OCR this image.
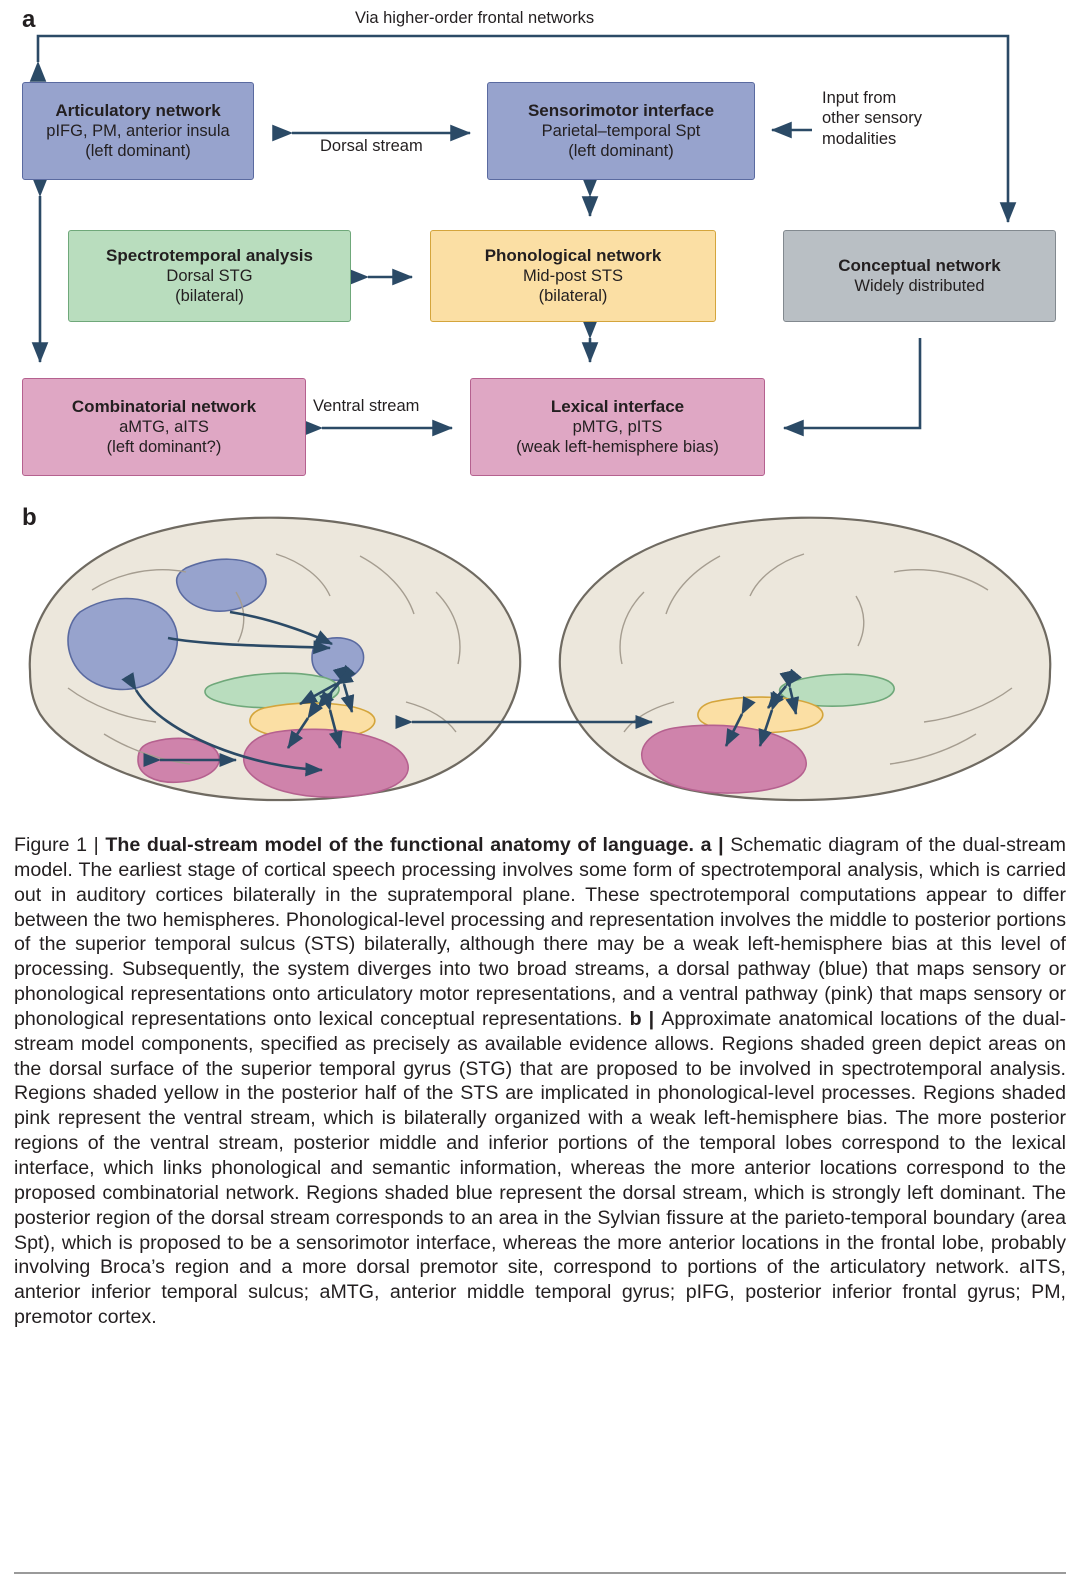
a
Articulatory network
pIFG, PM, anterior insula
(left dominant)
Sensorimotor interface
Parietal–temporal Spt
(left dominant)
Spectrotemporal analysis
Dorsal STG
(bilateral)
Phonological network
Mid-post STS
(bilateral)
Conceptual network
Widely distributed
Combinatorial network
aMTG, aITS
(left dominant?)
Lexical interface
pMTG, pITS
(weak left-hemisphere bias)
Via higher-order frontal networks
Dorsal stream
Ventral stream
Input from
other sensory
modalities
b
Figure 1 | The dual-stream model of the functional anatomy of language. a | Schematic diagram of the dual-stream model. The earliest stage of cortical speech processing involves some form of spectrotemporal analysis, which is carried out in auditory cortices bilaterally in the supratemporal plane. These spectrotemporal computations appear to differ between the two hemispheres. Phonological-level processing and representation involves the middle to posterior portions of the superior temporal sulcus (STS) bilaterally, although there may be a weak left-hemisphere bias at this level of processing. Subsequently, the system diverges into two broad streams, a dorsal pathway (blue) that maps sensory or phonological representations onto articulatory motor representations, and a ventral pathway (pink) that maps sensory or phonological representations onto lexical conceptual representations. b | Approximate anatomical locations of the dual-stream model components, specified as precisely as available evidence allows. Regions shaded green depict areas on the dorsal surface of the superior temporal gyrus (STG) that are proposed to be involved in spectrotemporal analysis. Regions shaded yellow in the posterior half of the STS are implicated in phonological-level processes. Regions shaded pink represent the ventral stream, which is bilaterally organized with a weak left-hemisphere bias. The more posterior regions of the ventral stream, posterior middle and inferior portions of the temporal lobes correspond to the lexical interface, which links phonological and semantic information, whereas the more anterior locations correspond to the proposed combinatorial network. Regions shaded blue represent the dorsal stream, which is strongly left dominant. The posterior region of the dorsal stream corresponds to an area in the Sylvian fissure at the parieto-temporal boundary (area Spt), which is proposed to be a sensorimotor interface, whereas the more anterior locations in the frontal lobe, probably involving Broca’s region and a more dorsal premotor site, correspond to portions of the articulatory network. aITS, anterior inferior temporal sulcus; aMTG, anterior middle temporal gyrus; pIFG, posterior inferior frontal gyrus; PM, premotor cortex.
